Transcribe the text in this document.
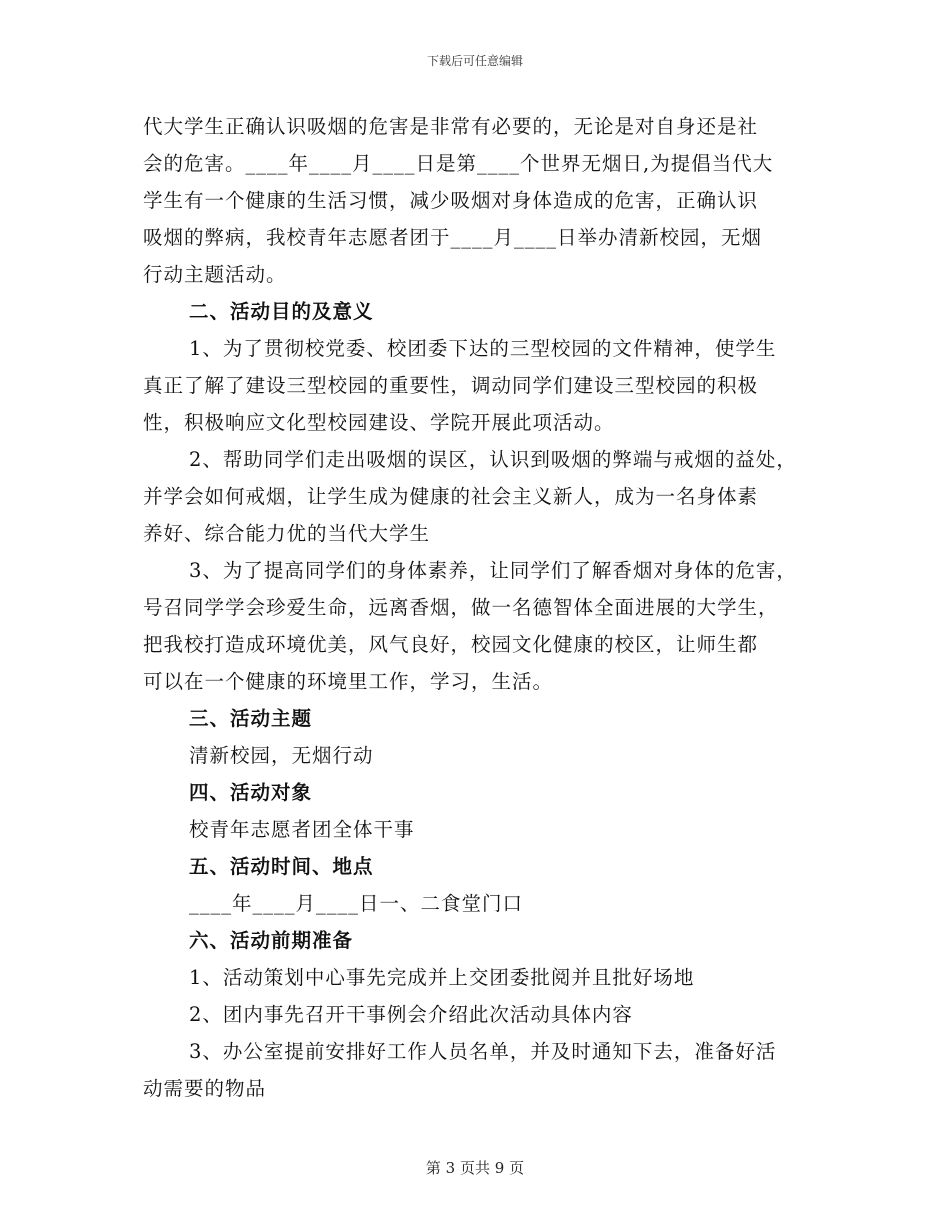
下载后可任意编辑
代大学生正确认识吸烟的危害是非常有必要的，无论是对自身还是社
会的危害。____年____月____日是第____个世界无烟日,为提倡当代大
学生有一个健康的生活习惯，减少吸烟对身体造成的危害，正确认识
吸烟的弊病，我校青年志愿者团于____月____日举办清新校园，无烟
行动主题活动。
二、活动目的及意义
1、为了贯彻校党委、校团委下达的三型校园的文件精神，使学生
真正了解了建设三型校园的重要性，调动同学们建设三型校园的积极
性，积极响应文化型校园建设、学院开展此项活动。
2、帮助同学们走出吸烟的误区，认识到吸烟的弊端与戒烟的益处，
并学会如何戒烟，让学生成为健康的社会主义新人，成为一名身体素
养好、综合能力优的当代大学生
3、为了提高同学们的身体素养，让同学们了解香烟对身体的危害，
号召同学学会珍爱生命，远离香烟，做一名德智体全面进展的大学生，
把我校打造成环境优美，风气良好，校园文化健康的校区，让师生都
可以在一个健康的环境里工作，学习，生活。
三、活动主题
清新校园，无烟行动
四、活动对象
校青年志愿者团全体干事
五、活动时间、地点
____年____月____日一、二食堂门口
六、活动前期准备
1、活动策划中心事先完成并上交团委批阅并且批好场地
2、团内事先召开干事例会介绍此次活动具体内容
3、办公室提前安排好工作人员名单，并及时通知下去，准备好活
动需要的物品
第 3 页共 9 页
